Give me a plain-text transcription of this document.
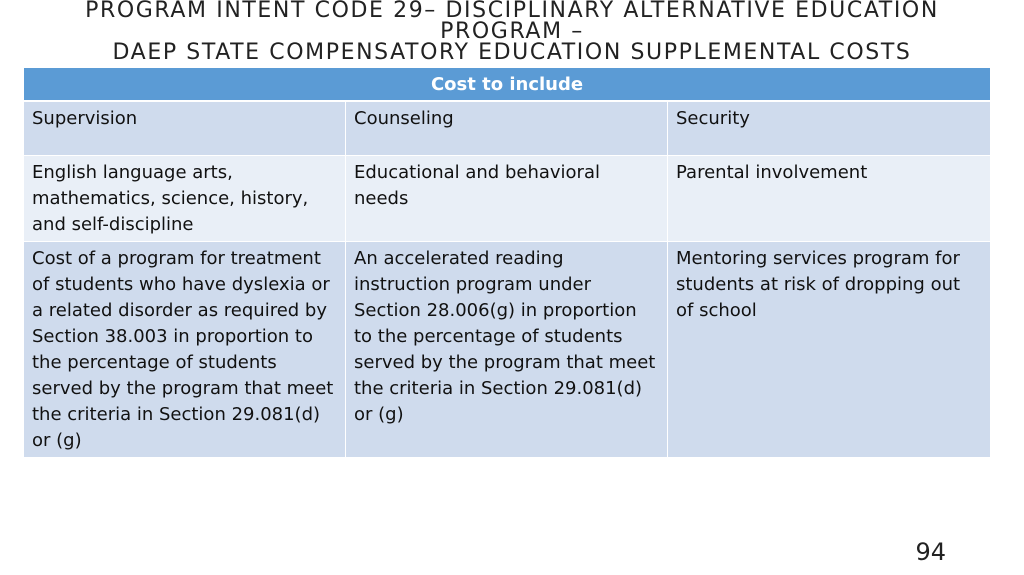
PROGRAM INTENT CODE 29– DISCIPLINARY ALTERNATIVE EDUCATION
PROGRAM –
DAEP STATE COMPENSATORY EDUCATION SUPPLEMENTAL COSTS
Cost to include		
Supervision	Counseling	Security
English language arts, mathematics, science, history, and self-discipline	Educational and behavioral needs	Parental involvement
Cost of a program for treatment of students who have dyslexia or a related disorder as required by Section 38.003 in proportion to the percentage of students served by the program that meet the criteria in Section 29.081(d) or (g)	An accelerated reading instruction program under Section 28.006(g) in proportion to the percentage of students served by the program that meet the criteria in Section 29.081(d) or (g)	Mentoring services program for students at risk of dropping out of school
94
